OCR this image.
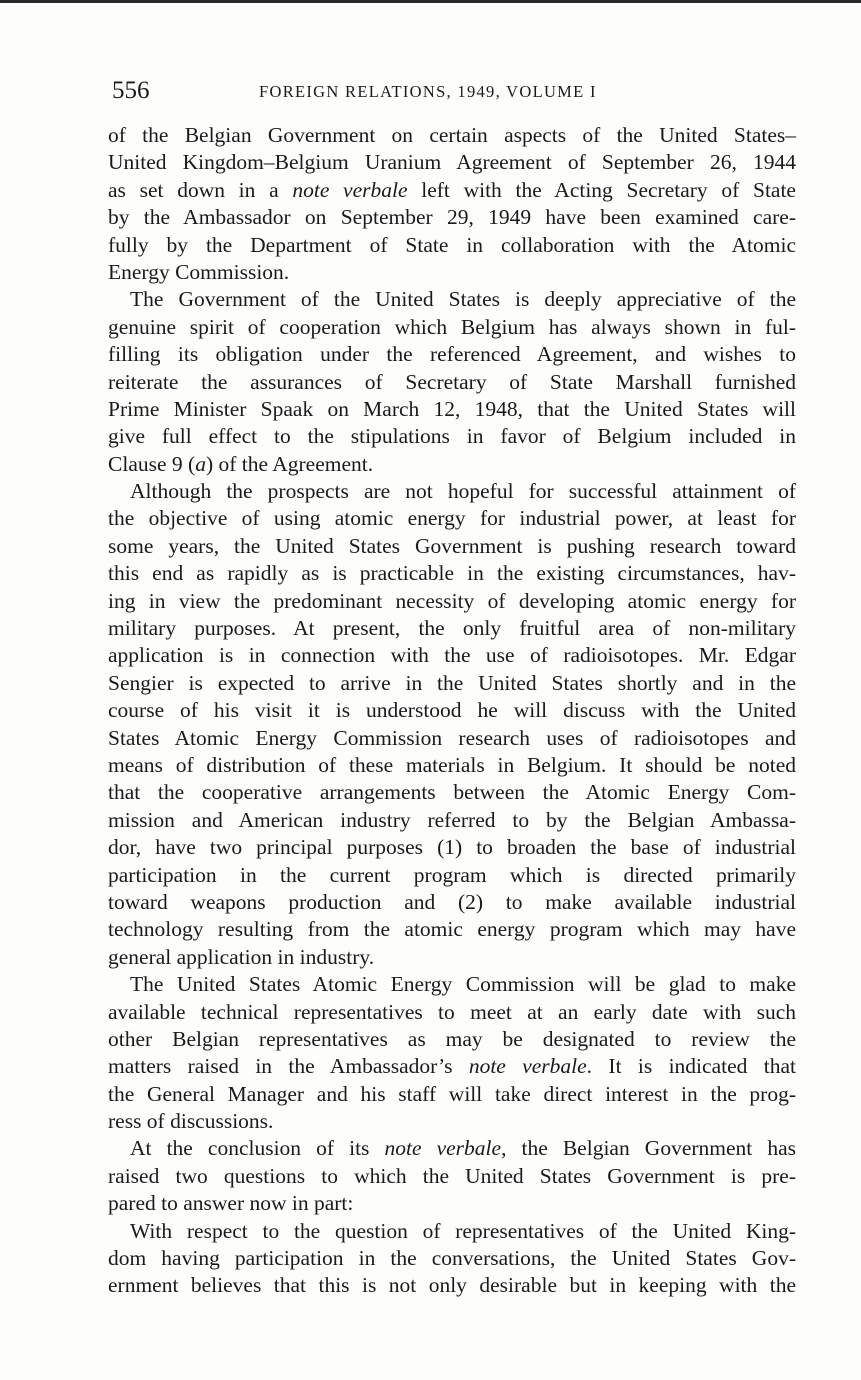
556	FOREIGN RELATIONS, 1949, VOLUME I
of the Belgian Government on certain aspects of the United States–
United Kingdom–Belgium Uranium Agreement of September 26, 1944
as set down in a note verbale left with the Acting Secretary of State
by the Ambassador on September 29, 1949 have been examined care-
fully by the Department of State in collaboration with the Atomic
Energy Commission.
The Government of the United States is deeply appreciative of the
genuine spirit of cooperation which Belgium has always shown in ful-
filling its obligation under the referenced Agreement, and wishes to
reiterate the assurances of Secretary of State Marshall furnished
Prime Minister Spaak on March 12, 1948, that the United States will
give full effect to the stipulations in favor of Belgium included in
Clause 9 (a) of the Agreement.
Although the prospects are not hopeful for successful attainment of
the objective of using atomic energy for industrial power, at least for
some years, the United States Government is pushing research toward
this end as rapidly as is practicable in the existing circumstances, hav-
ing in view the predominant necessity of developing atomic energy for
military purposes. At present, the only fruitful area of non-military
application is in connection with the use of radioisotopes. Mr. Edgar
Sengier is expected to arrive in the United States shortly and in the
course of his visit it is understood he will discuss with the United
States Atomic Energy Commission research uses of radioisotopes and
means of distribution of these materials in Belgium. It should be noted
that the cooperative arrangements between the Atomic Energy Com-
mission and American industry referred to by the Belgian Ambassa-
dor, have two principal purposes (1) to broaden the base of industrial
participation in the current program which is directed primarily
toward weapons production and (2) to make available industrial
technology resulting from the atomic energy program which may have
general application in industry.
The United States Atomic Energy Commission will be glad to make
available technical representatives to meet at an early date with such
other Belgian representatives as may be designated to review the
matters raised in the Ambassador’s note verbale. It is indicated that
the General Manager and his staff will take direct interest in the prog-
ress of discussions.
At the conclusion of its note verbale, the Belgian Government has
raised two questions to which the United States Government is pre-
pared to answer now in part:
With respect to the question of representatives of the United King-
dom having participation in the conversations, the United States Gov-
ernment believes that this is not only desirable but in keeping with the
